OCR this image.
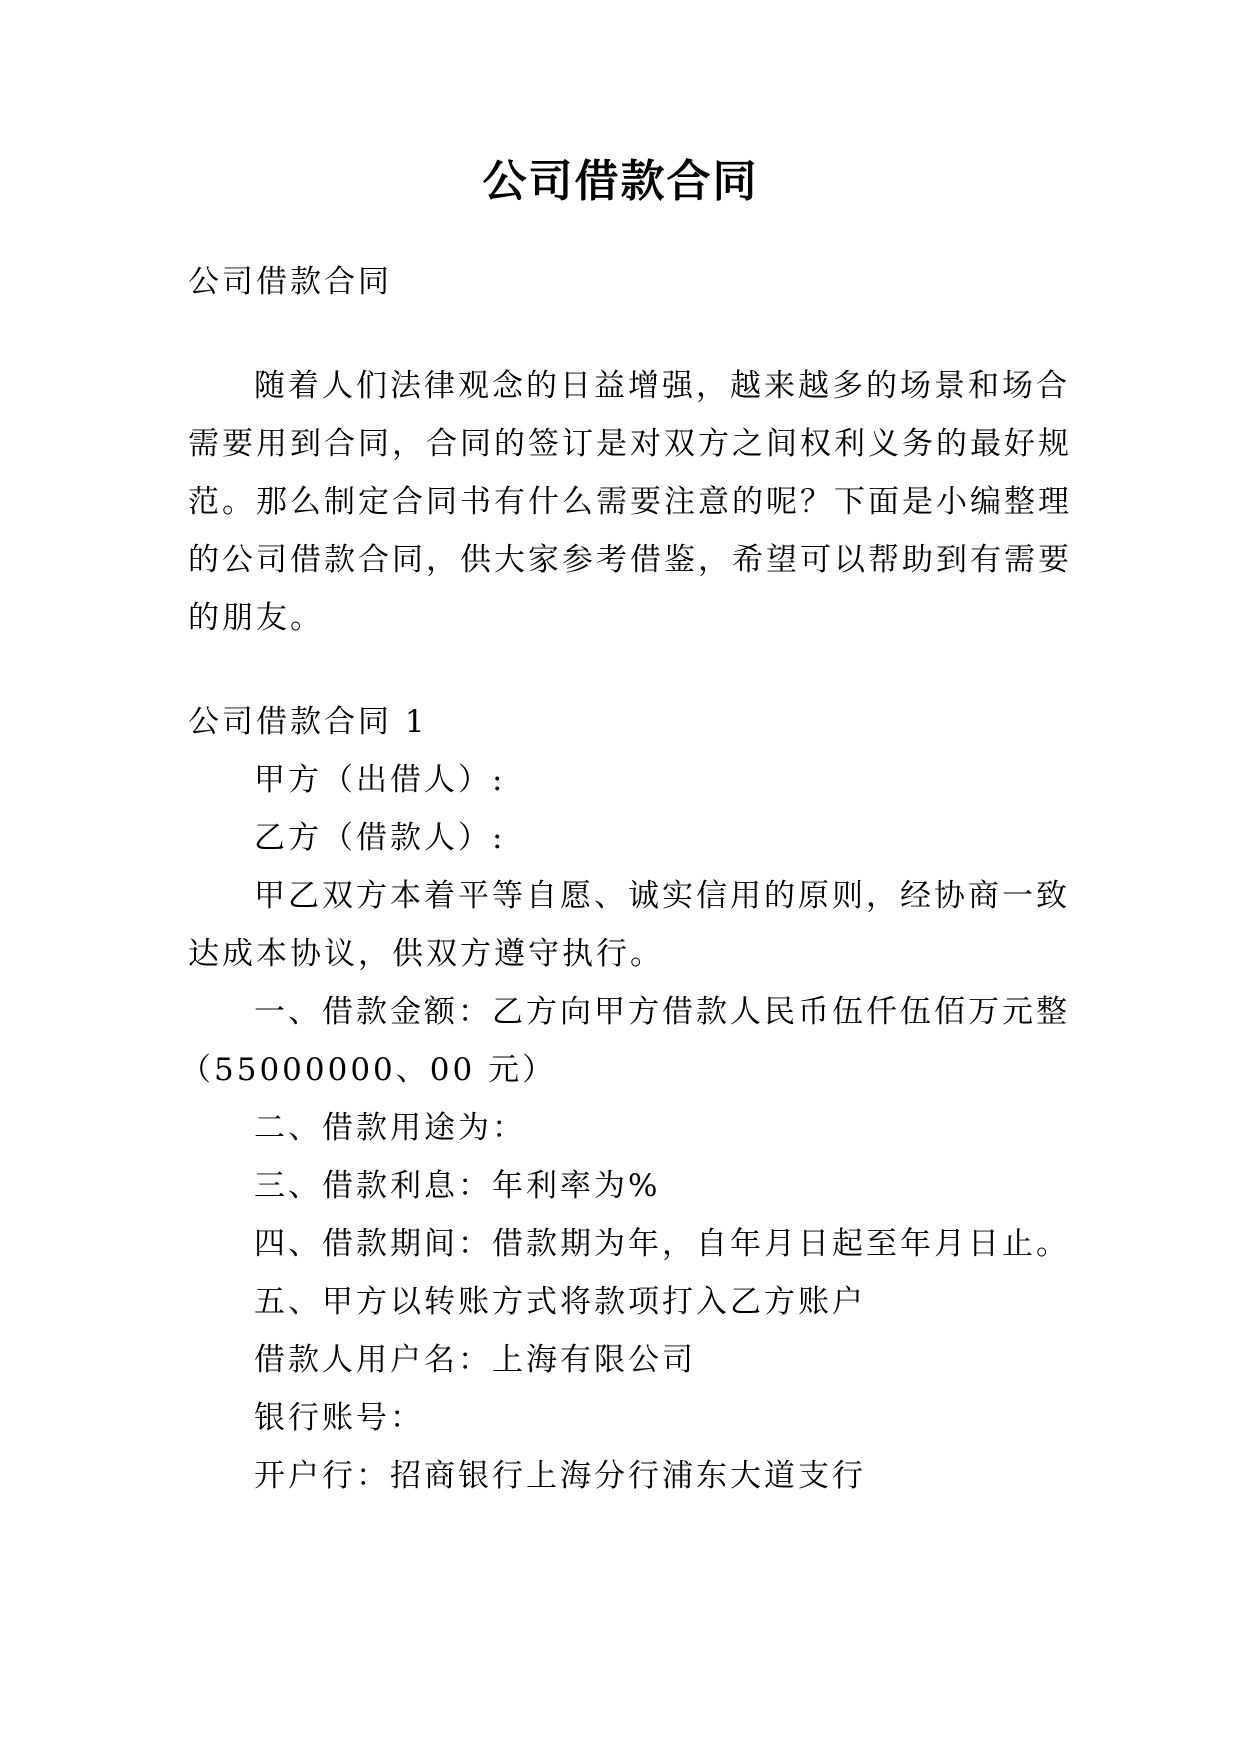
公司借款合同
公司借款合同
随着人们法律观念的日益增强，越来越多的场景和场合
需要用到合同，合同的签订是对双方之间权利义务的最好规
范。那么制定合同书有什么需要注意的呢？下面是小编整理
的公司借款合同，供大家参考借鉴，希望可以帮助到有需要
的朋友。
公司借款合同 1
甲方（出借人）:
乙方（借款人）:
甲乙双方本着平等自愿、诚实信用的原则，经协商一致
达成本协议，供双方遵守执行。
一、借款金额：乙方向甲方借款人民币伍仟伍佰万元整
（55000000、00 元）
二、借款用途为：
三、借款利息：年利率为%
四、借款期间：借款期为年，自年月日起至年月日止。
五、甲方以转账方式将款项打入乙方账户
借款人用户名：上海有限公司
银行账号：
开户行：招商银行上海分行浦东大道支行
